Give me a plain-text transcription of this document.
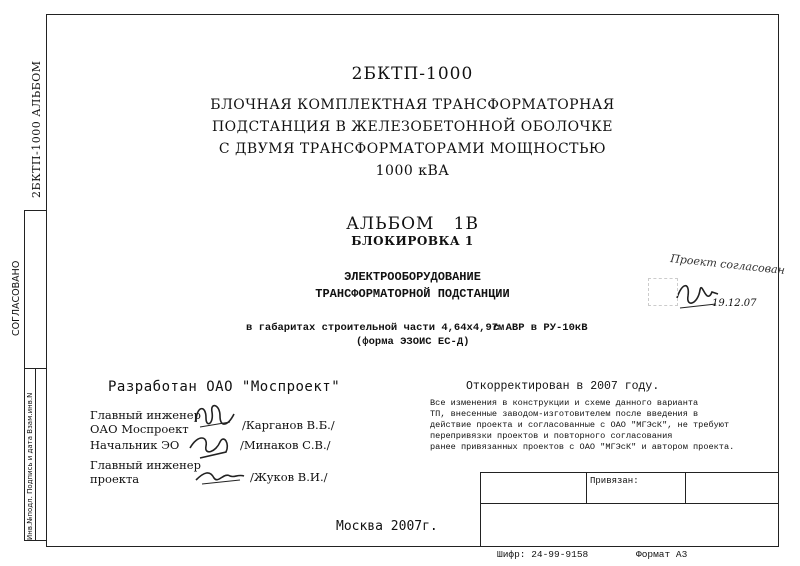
2БКТП-1000 АЛЬБОМ
СОГЛАСОВАНО
Инв.№подл. Подпись и дата Взам.инв.N
2БКТП-1000
БЛОЧНАЯ КОМПЛЕКТНАЯ ТРАНСФОРМАТОРНАЯ
ПОДСТАНЦИЯ В ЖЕЛЕЗОБЕТОННОЙ ОБОЛОЧКЕ
С ДВУМЯ ТРАНСФОРМАТОРАМИ МОЩНОСТЬЮ
1000 кВА
АЛЬБОМ   1В
БЛОКИРОВКА 1
ЭЛЕКТРООБОРУДОВАНИЕ
ТРАНСФОРМАТОРНОЙ ПОДСТАНЦИИ
в габаритах строительной части 4,64х4,97м
с АВР в РУ-10кВ
(форма ЭЗОИС ЕС-Д)
Проект согласован
19.12.07
Разработан ОАО "Моспроект"
Главный инженер
ОАО Моспроект	/Карганов В.Б./
Начальник ЭО	/Минаков С.В./
Главный инженер
проекта	/Жуков В.И./
Откорректирован в 2007 году.
Все изменения в конструкции и схеме данного варианта
ТП, внесенные заводом-изготовителем после введения в
действие проекта и согласованные с ОАО "МГЭсК", не требуют
перепривязки проектов и повторного согласования
ранее привязанных проектов с ОАО "МГЭсК" и автором проекта.
Привязан:
Москва 2007г.
Шифр: 24-99-9158	Формат А3
